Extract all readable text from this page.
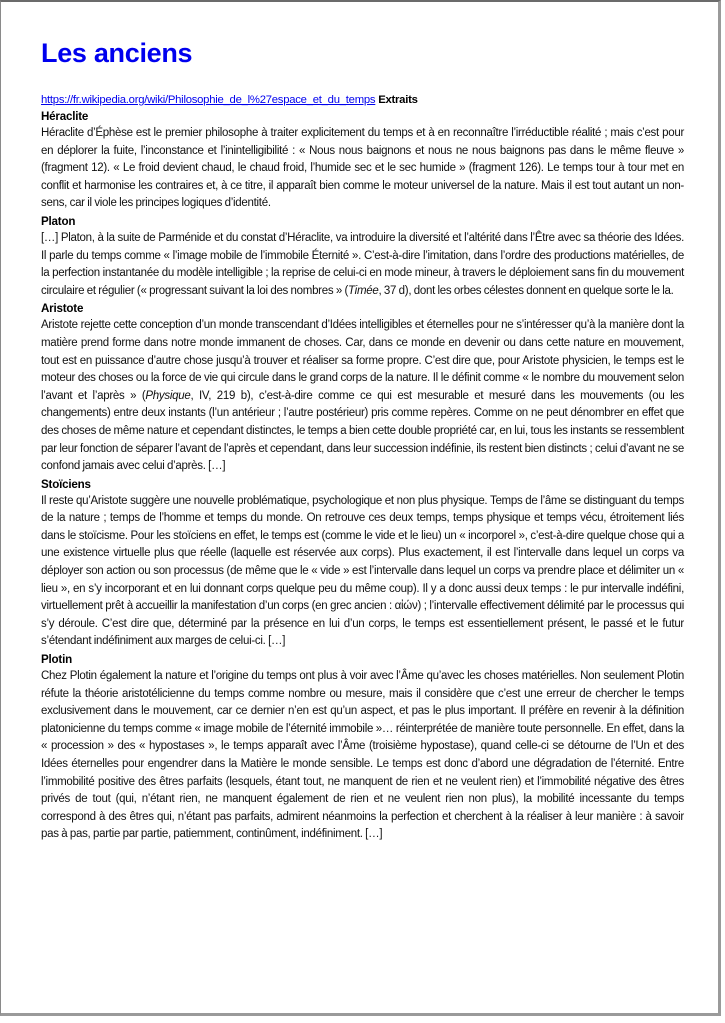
Les anciens
https://fr.wikipedia.org/wiki/Philosophie_de_l%27espace_et_du_temps Extraits
Héraclite

Héraclite d’Éphèse est le premier philosophe à traiter explicitement du temps et à en reconnaître l’irréductible réalité ; mais c’est pour en déplorer la fuite, l’inconstance et l’inintelligibilité : « Nous nous baignons et nous ne nous baignons pas dans le même fleuve » (fragment 12). « Le froid devient chaud, le chaud froid, l’humide sec et le sec humide » (fragment 126). Le temps tour à tour met en conflit et harmonise les contraires et, à ce titre, il apparaît bien comme le moteur universel de la nature. Mais il est tout autant un non-sens, car il viole les principes logiques d’identité.

Platon

[…] Platon, à la suite de Parménide et du constat d’Héraclite, va introduire la diversité et l’altérité dans l’Être avec sa théorie des Idées. Il parle du temps comme « l’image mobile de l’immobile Éternité ». C’est-à-dire l’imitation, dans l’ordre des productions matérielles, de la perfection instantanée du modèle intelligible ; la reprise de celui-ci en mode mineur, à travers le déploiement sans fin du mouvement circulaire et régulier (« progressant suivant la loi des nombres » (Timée, 37 d), dont les orbes célestes donnent en quelque sorte le la.

Aristote

Aristote rejette cette conception d’un monde transcendant d’Idées intelligibles et éternelles pour ne s’intéresser qu’à la manière dont la matière prend forme dans notre monde immanent de choses. Car, dans ce monde en devenir ou dans cette nature en mouvement, tout est en puissance d’autre chose jusqu’à trouver et réaliser sa forme propre. C’est dire que, pour Aristote physicien, le temps est le moteur des choses ou la force de vie qui circule dans le grand corps de la nature. Il le définit comme « le nombre du mouvement selon l’avant et l’après » (Physique, IV, 219 b), c’est-à-dire comme ce qui est mesurable et mesuré dans les mouvements (ou les changements) entre deux instants (l’un antérieur ; l’autre postérieur) pris comme repères. Comme on ne peut dénombrer en effet que des choses de même nature et cependant distinctes, le temps a bien cette double propriété car, en lui, tous les instants se ressemblent par leur fonction de séparer l’avant de l’après et cependant, dans leur succession indéfinie, ils restent bien distincts ; celui d’avant ne se confond jamais avec celui d’après. […]

Stoïciens

Il reste qu’Aristote suggère une nouvelle problématique, psychologique et non plus physique. Temps de l’âme se distinguant du temps de la nature ; temps de l’homme et temps du monde. On retrouve ces deux temps, temps physique et temps vécu, étroitement liés dans le stoïcisme. Pour les stoïciens en effet, le temps est (comme le vide et le lieu) un « incorporel », c’est-à-dire quelque chose qui a une existence virtuelle plus que réelle (laquelle est réservée aux corps). Plus exactement, il est l’intervalle dans lequel un corps va déployer son action ou son processus (de même que le « vide » est l’intervalle dans lequel un corps va prendre place et délimiter un « lieu », en s’y incorporant et en lui donnant corps quelque peu du même coup). Il y a donc aussi deux temps : le pur intervalle indéfini, virtuellement prêt à accueillir la manifestation d’un corps (en grec ancien : αἰών) ; l’intervalle effectivement délimité par le processus qui s’y déroule. C’est dire que, déterminé par la présence en lui d’un corps, le temps est essentiellement présent, le passé et le futur s’étendant indéfiniment aux marges de celui-ci. […]

Plotin

Chez Plotin également la nature et l’origine du temps ont plus à voir avec l’Âme qu’avec les choses matérielles. Non seulement Plotin réfute la théorie aristotélicienne du temps comme nombre ou mesure, mais il considère que c’est une erreur de chercher le temps exclusivement dans le mouvement, car ce dernier n’en est qu’un aspect, et pas le plus important. Il préfère en revenir à la définition platonicienne du temps comme « image mobile de l’éternité immobile »… réinterprétée de manière toute personnelle. En effet, dans la « procession » des « hypostases », le temps apparaît avec l’Âme (troisième hypostase), quand celle-ci se détourne de l’Un et des Idées éternelles pour engendrer dans la Matière le monde sensible. Le temps est donc d’abord une dégradation de l’éternité. Entre l’immobilité positive des êtres parfaits (lesquels, étant tout, ne manquent de rien et ne veulent rien) et l’immobilité négative des êtres privés de tout (qui, n’étant rien, ne manquent également de rien et ne veulent rien non plus), la mobilité incessante du temps correspond à des êtres qui, n’étant pas parfaits, admirent néanmoins la perfection et cherchent à la réaliser à leur manière : à savoir pas à pas, partie par partie, patiemment, continûment, indéfiniment. […]
